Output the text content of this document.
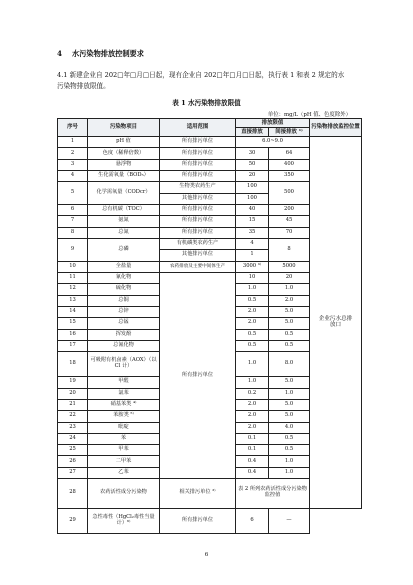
4 水污染物排放控制要求
4.1 新建企业自 202□年□月□日起，现有企业自 202□年□月□日起，执行表 1 和表 2 规定的水
污染物排放限值。
表 1 水污染物排放限值
单位：mg/L（pH 值、色度除外）
序号	污染物项目	适用范围	排放限值		污染物排放监控位置
			直接排放	间接排放 ¹⁾	
1	pH 值	所有排污单位	6.0~9.0		企业污水总排放口
2	色度（稀释倍数）	所有排污单位	30	64	
3	悬浮物	所有排污单位	50	400	
4	生化需氧量（BOD₅）	所有排污单位	20	350	
5	化学需氧量（CODcr）	生物类农药生产	100	500	
		其他排污单位	100		
6	总有机碳（TOC）	所有排污单位	40	200	
7	氨氮	所有排污单位	15	45	
8	总氮	所有排污单位	35	70	
9	总磷	有机磷类农药生产	4	8	
		其他排污单位	1		
10	全盐量	农药排放及主要中间体生产	3000 ³⁾	5000	
11	氰化物	所有排污单位	10	20	
12	硫化物		1.0	1.0	
13	总铜		0.5	2.0	
14	总锌		2.0	5.0	
15	总锰		2.0	5.0	
16	挥发酚		0.5	0.5	
17	总氰化物		0.5	0.5	
18	可吸附有机卤素（AOX）（以 Cl 计）		1.0	8.0	
19	甲醛		1.0	5.0	
20	氯苯		0.2	1.0	
21	硝基苯类 ⁴⁾		2.0	5.0	
22	苯胺类 ⁵⁾		2.0	5.0	
23	吡啶		2.0	4.0	
24	苯		0.1	0.5	
25	甲苯		0.1	0.5	
26	二甲苯		0.4	1.0	
27	乙苯		0.4	1.0	
28	农药活性成分污染物	相关排污单位 ²⁾	表 2 所列农药活性成分污染物监控值		
29	急性毒性（HgCl₂毒性当量计）⁶⁾	所有排污单位	6	—	
6
